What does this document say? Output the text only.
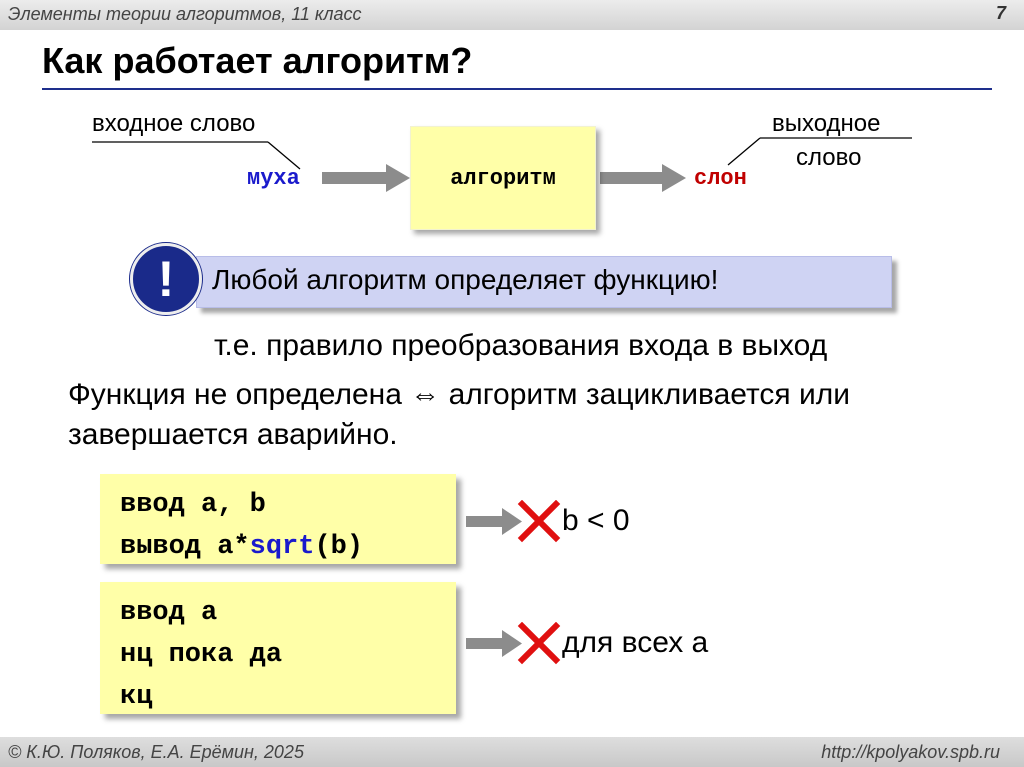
Элементы теории алгоритмов, 11 класс	7
Как работает алгоритм?
входное слово
муха	алгоритм	слон
выходное
слово
Любой алгоритм определяет функцию!
!
т.е. правило преобразования входа в выход
Функция не определена ⇔ алгоритм зацикливается или завершается аварийно.
ввод a, b
вывод a*sqrt(b)
b < 0
ввод a
нц пока да
кц
для всех a
© К.Ю. Поляков, Е.А. Ерёмин, 2025	http://kpolyakov.spb.ru
